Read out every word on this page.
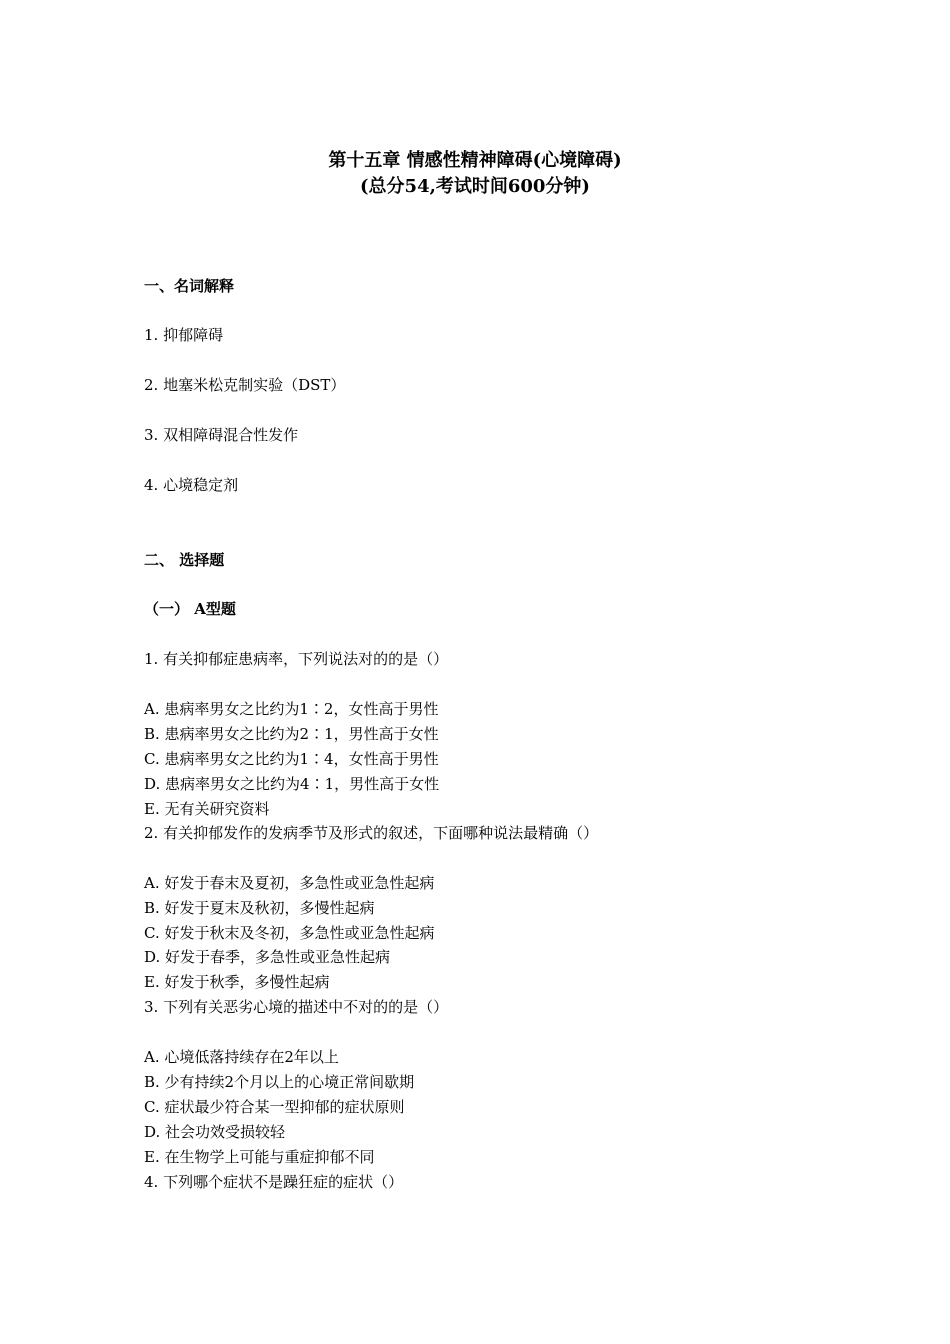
第十五章 情感性精神障碍(心境障碍)
(总分54,考试时间600分钟)
一、名词解释
1. 抑郁障碍
2. 地塞米松克制实验（DST）
3. 双相障碍混合性发作
4. 心境稳定剂
二、 选择题
（一） A型题
1. 有关抑郁症患病率，下列说法对的的是（）
A. 患病率男女之比约为1∶2，女性高于男性
B. 患病率男女之比约为2∶1，男性高于女性
C. 患病率男女之比约为1∶4，女性高于男性
D. 患病率男女之比约为4∶1，男性高于女性
E. 无有关研究资料
2. 有关抑郁发作的发病季节及形式的叙述，下面哪种说法最精确（）
A. 好发于春末及夏初，多急性或亚急性起病
B. 好发于夏末及秋初，多慢性起病
C. 好发于秋末及冬初，多急性或亚急性起病
D. 好发于春季，多急性或亚急性起病
E. 好发于秋季，多慢性起病
3. 下列有关恶劣心境的描述中不对的的是（）
A. 心境低落持续存在2年以上
B. 少有持续2个月以上的心境正常间歇期
C. 症状最少符合某一型抑郁的症状原则
D. 社会功效受损较轻
E. 在生物学上可能与重症抑郁不同
4. 下列哪个症状不是躁狂症的症状（）
